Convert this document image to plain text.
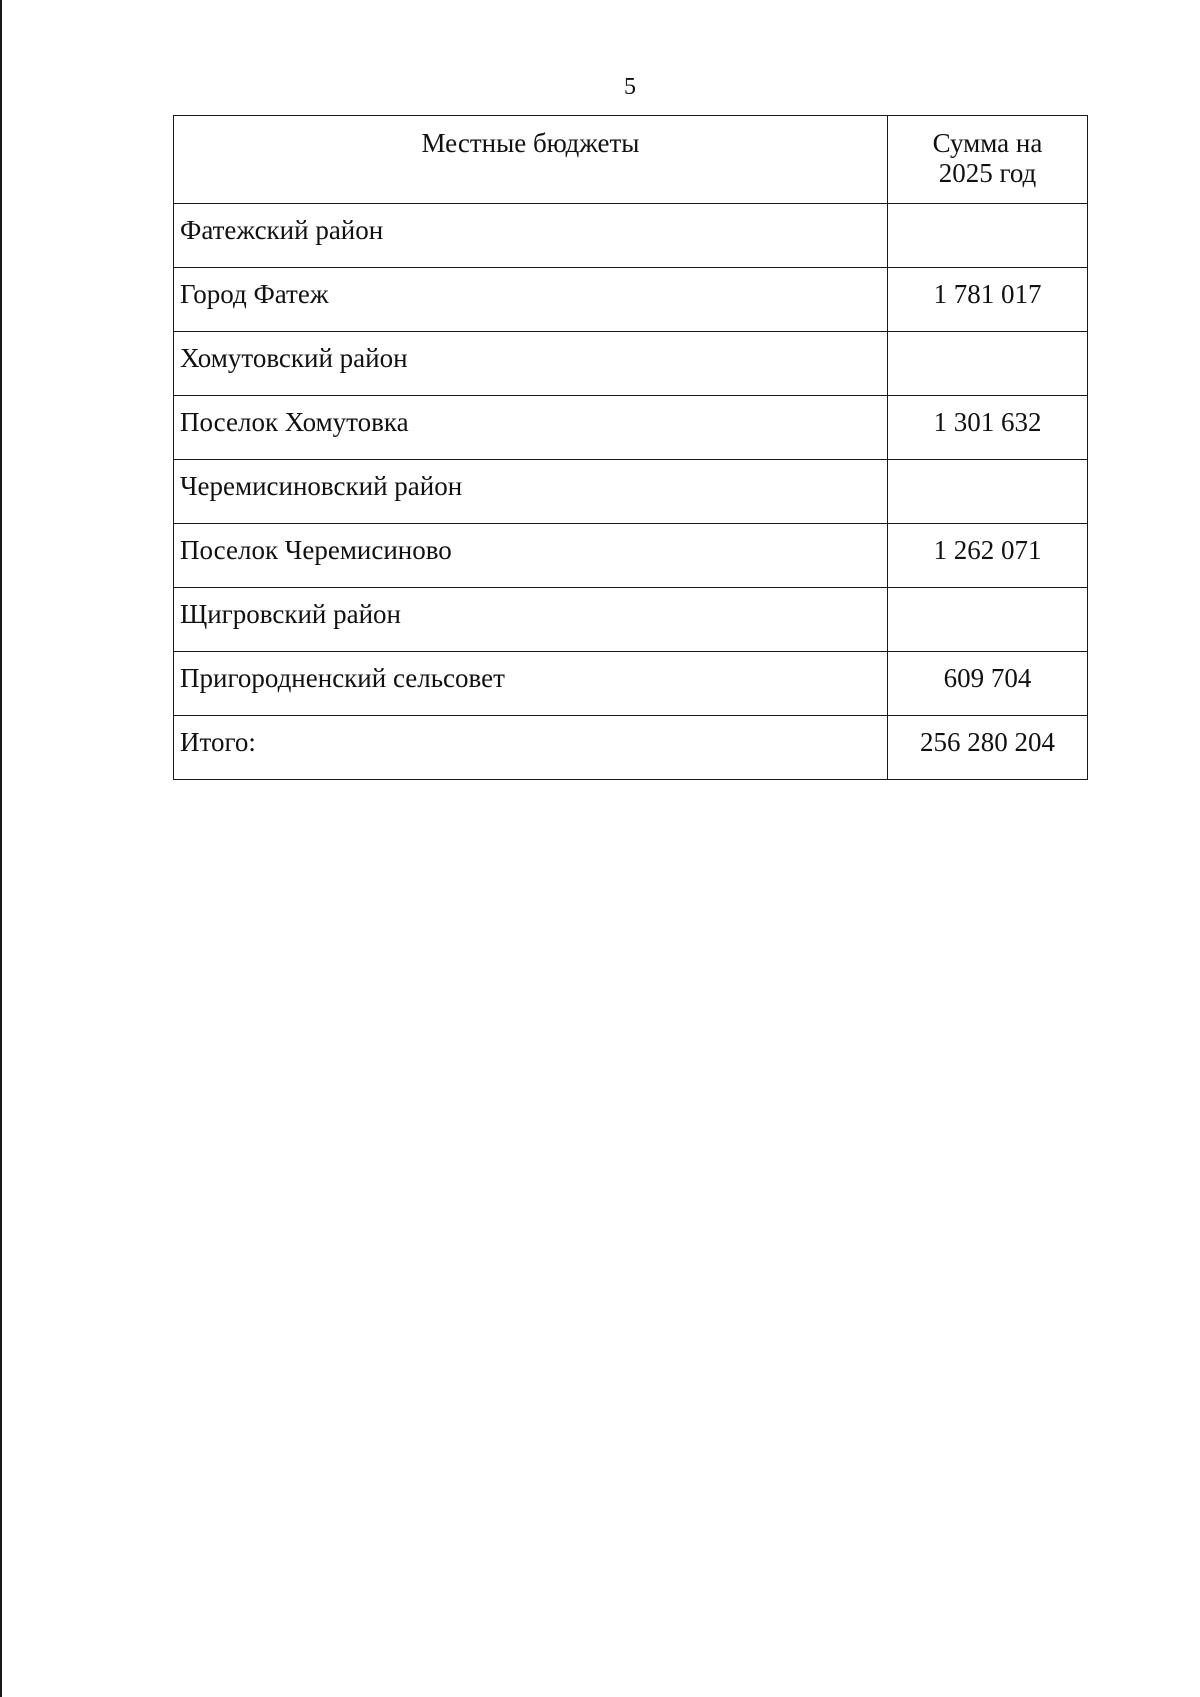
5
Местные бюджеты	Сумма на
2025 год

Фатежский район	
Город Фатеж	1 781 017
Хомутовский район	
Поселок Хомутовка	1 301 632
Черемисиновский район	
Поселок Черемисиново	1 262 071
Щигровский район	
Пригородненский сельсовет	609 704
Итого:	256 280 204
